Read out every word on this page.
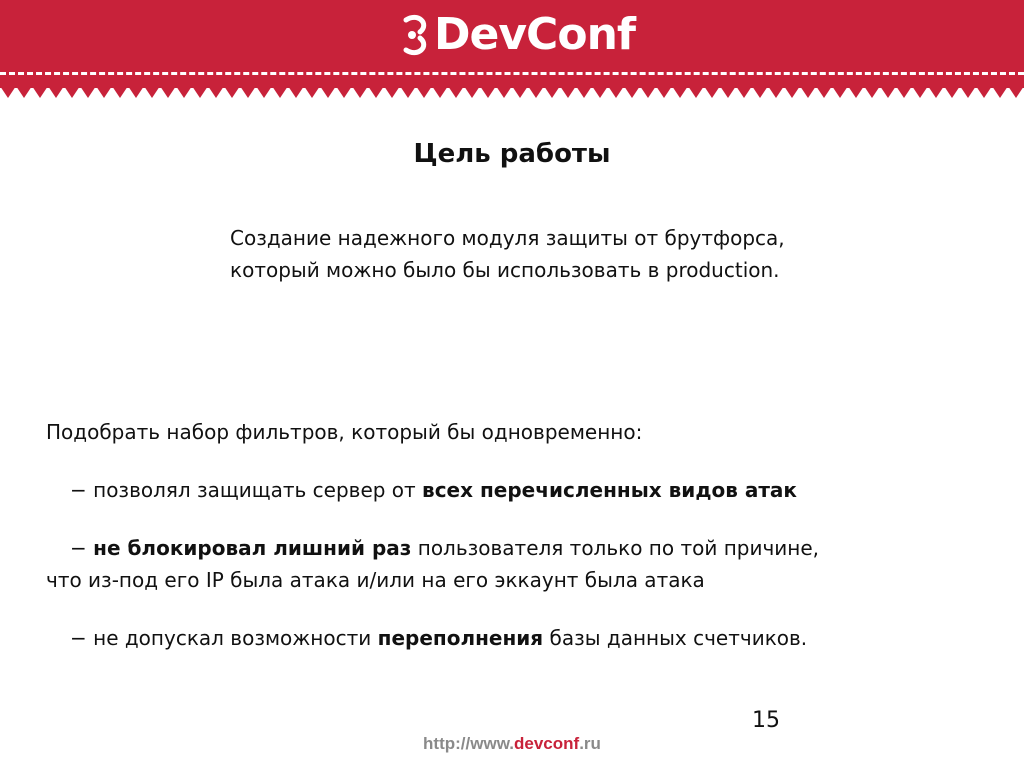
DevConf
Цель работы
Создание надежного модуля защиты от брутфорса,
который можно было бы использовать в production.
Подобрать набор фильтров, который бы одновременно:
− позволял защищать сервер от всех перечисленных видов атак
− не блокировал лишний раз пользователя только по той причине,
что из-под его IP была атака и/или на его эккаунт была атака
− не допускал возможности переполнения базы данных счетчиков.
15
http://www.devconf.ru
